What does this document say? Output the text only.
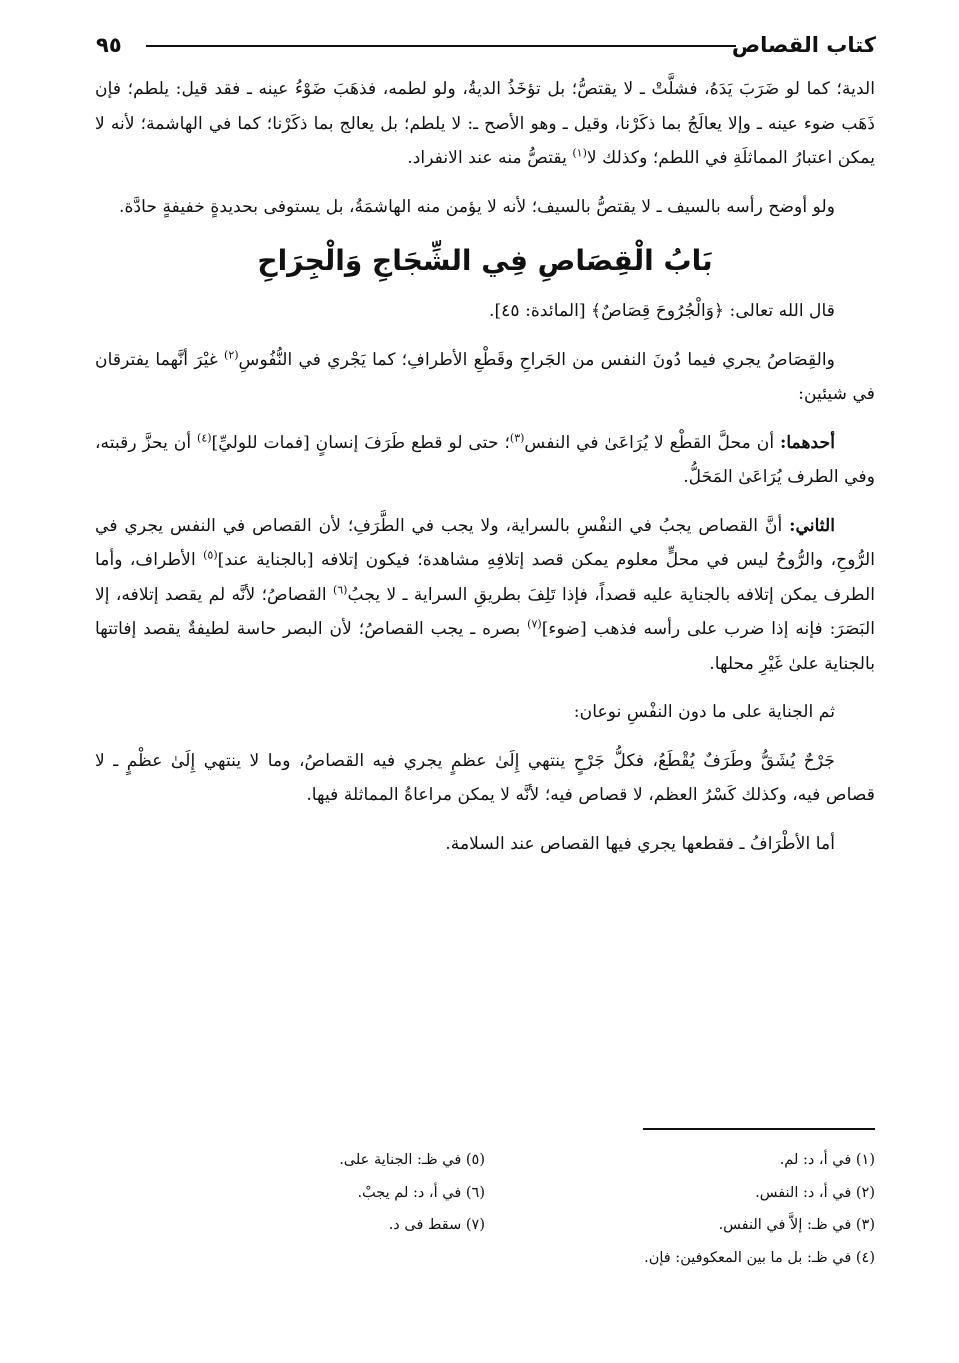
كتاب القصاص
٩٥

الدية؛ كما لو ضَرَبَ يَدَهُ، فشلَّتْ ـ لا يقتصُّ؛ بل تؤخَذُ الديةُ، ولو لطمه، فذهَبَ ضَوْءُ عينه ـ فقد قيل: يلطم؛ فإن ذَهَب ضوء عينه ـ وإلا يعالَجُ بما ذكَرْنا، وقيل ـ وهو الأصح ـ: لا يلطم؛ بل يعالج بما ذكَرْنا؛ كما في الهاشمة؛ لأنه لا يمكن اعتبارُ المماثلَةِ في اللطم؛ وكذلك لا$^{(١)}$ يقتصُّ منه عند الانفراد.

ولو أوضح رأسه بالسيف ـ لا يقتصُّ بالسيف؛ لأنه لا يؤمن منه الهاشمَةُ، بل يستوفى بحديدةٍ خفيفةٍ حادَّة.

بَابُ الْقِصَاصِ فِي الشِّجَاجِ وَالْجِرَاحِ

قال الله تعالى: ﴿وَالْجُرُوحَ قِصَاصٌ﴾ [المائدة: ٤٥].

والقِصَاصُ يجري فيما دُونَ النفس من الجَراحِ وقَطْعِ الأطرافِ؛ كما يَجْري في النُّفُوسِ$^{(٢)}$ غيْرَ أنَّهما يفترقان في شيئين:

أحدهما: أن محلَّ القطْع لا يُرَاعَىٰ في النفس$^{(٣)}$؛ حتى لو قطع طَرَفَ إنسانٍ [فمات للوليِّ]$^{(٤)}$ أن يحزَّ رقبته، وفي الطرف يُرَاعَىٰ المَحَلُّ.

الثاني: أنَّ القصاص يجبُ في النفْسِ بالسراية، ولا يجب في الطَّرَفِ؛ لأن القصاص في النفس يجري في الرُّوحِ، والرُّوحُ ليس في محلٍّ معلوم يمكن قصد إتلافِهِ مشاهدة؛ فيكون إتلافه [بالجناية عند]$^{(٥)}$ الأطراف، وأما الطرف يمكن إتلافه بالجناية عليه قصداً، فإذا تَلِفَ بطريقِ السراية ـ لا يجبُ$^{(٦)}$ القصاصُ؛ لأنَّه لم يقصد إتلافه، إلا البَصَرَ: فإنه إذا ضرب على رأسه فذهب [ضوء]$^{(٧)}$ بصره ـ يجب القصاصُ؛ لأن البصر حاسة لطيفةٌ يقصد إفاتتها بالجناية علىٰ غَيْرِ محلها.

ثم الجناية على ما دون النفْسِ نوعان:

جَرْحٌ يُشَقُّ وطَرَفٌ يُقْطَعُ، فكلُّ جَرْحٍ ينتهي إِلَىٰ عظمٍ يجري فيه القصاصُ، وما لا ينتهي إِلَىٰ عظْمٍ ـ لا قصاص فيه، وكذلك كَسْرُ العظم، لا قصاص فيه؛ لأنَّه لا يمكن مراعاةُ المماثلة فيها.

أما الأطْرَافُ ـ فقطعها يجري فيها القصاص عند السلامة.

(١) في أ، د: لم.
(٢) في أ، د: النفس.
(٣) في ظـ: إلاَّ في النفس.
(٤) في ظـ: بل ما بين المعكوفين: فإن.
(٥) في ظـ: الجناية على.
(٦) في أ، د: لم يجبْ.
(٧) سقط فى د.
